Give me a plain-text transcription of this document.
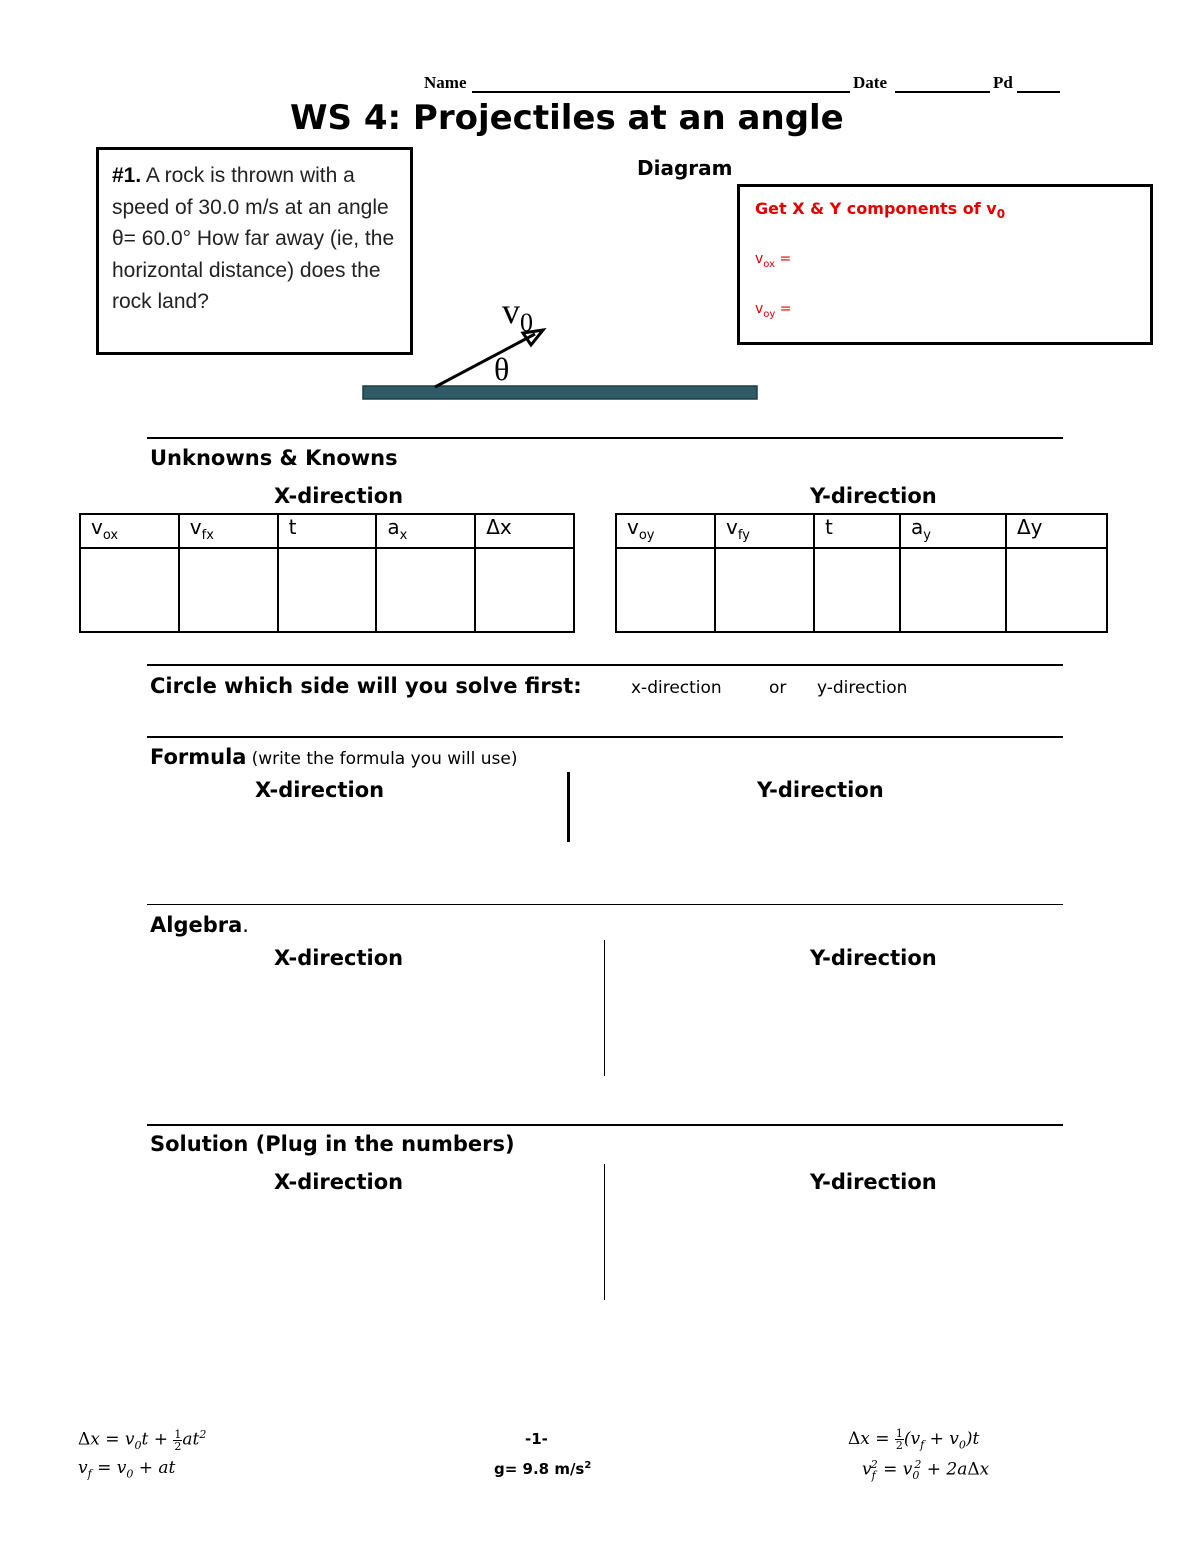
Name	Date	Pd
WS 4: Projectiles at an angle
#1. A rock is thrown with a speed of 30.0 m/s at an angle θ= 60.0° How far away (ie, the horizontal distance) does the rock land?
Diagram
$v_0$
θ
Get X & Y components of $v_0$
$v_{ox}$ =
$v_{oy}$ =
Unknowns & Knowns
X-direction	Y-direction
$v_{ox}$	$v_{fx}$	t	$a_x$	Δx
					$v_{oy}$	$v_{fy}$	t	$a_y$	Δy

Circle which side will you solve first:	x-direction	or y-direction
Formula (write the formula you will use)
X-direction	Y-direction
Algebra.
X-direction	Y-direction
Solution (Plug in the numbers)
X-direction	Y-direction
$\Delta x = v_0t + \frac{1}{2} at^2$
$v_f = v_0$ + at
-1-
g= 9.8 $m/s^2$
$\Delta x = \frac{1}{2} (v_f + v_0)t$
$v_f^2 = v_0^2 + 2a\Delta x$
